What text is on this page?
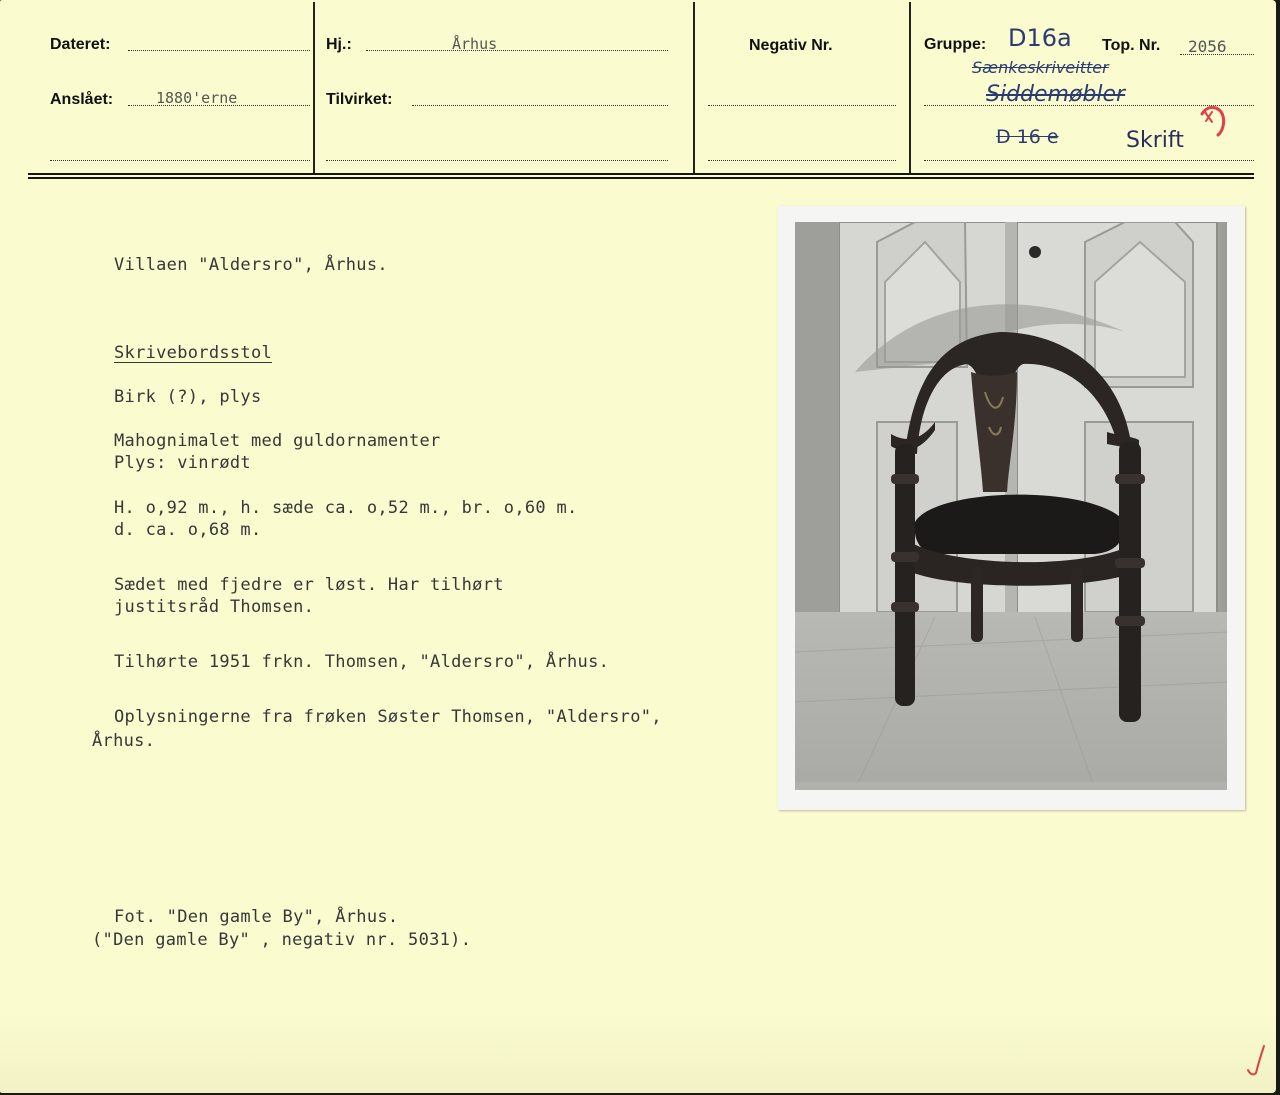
Dateret:
Anslået:	1880'erne
Hj.:	Århus
Tilvirket:
Negativ Nr.	Gruppe: D16a Top. Nr. 2056
Sænkeskriveitter
Siddemøbler
D 16 e	Skrift
Villaen "Aldersro", Århus.
Skrivebordsstol
Birk (?), plys
Mahognimalet med guldornamenter
Plys: vinrødt
H. o,92 m., h. sæde ca. o,52 m., br. o,60 m.
d. ca. o,68 m.
Sædet med fjedre er løst. Har tilhørt
justitsråd Thomsen.
Tilhørte 1951 frkn. Thomsen, "Aldersro", Århus.
Oplysningerne fra frøken Søster Thomsen, "Aldersro",
Århus.
Fot. "Den gamle By", Århus.
("Den gamle By" , negativ nr. 5031).
